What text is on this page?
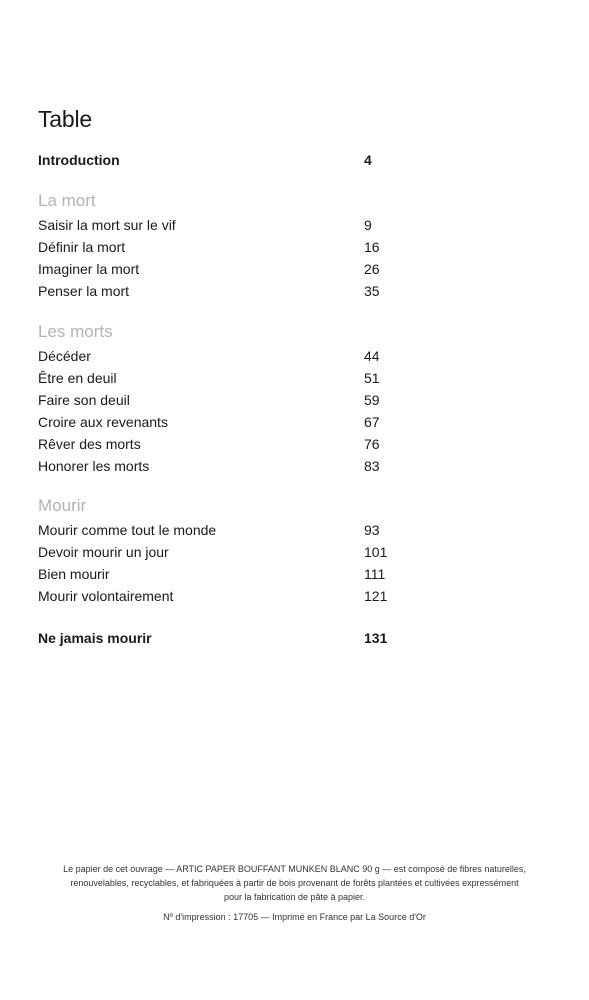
Table
Introduction	4
La mort
Saisir la mort sur le vif	9
Définir la mort	16
Imaginer la mort	26
Penser la mort	35
Les morts
Décéder	44
Être en deuil	51
Faire son deuil	59
Croire aux revenants	67
Rêver des morts	76
Honorer les morts	83
Mourir
Mourir comme tout le monde	93
Devoir mourir un jour	101
Bien mourir	111
Mourir volontairement	121
Ne jamais mourir	131

Le papier de cet ouvrage — ARTIC PAPER BOUFFANT MUNKEN BLANC 90 g — est composé de fibres naturelles,

renouvelables, recyclables, et fabriquées à partir de bois provenant de forêts plantées et cultivées expressément

pour la fabrication de pâte à papier.

Nº d'impression : 17705 — Imprimé en France par La Source d'Or
